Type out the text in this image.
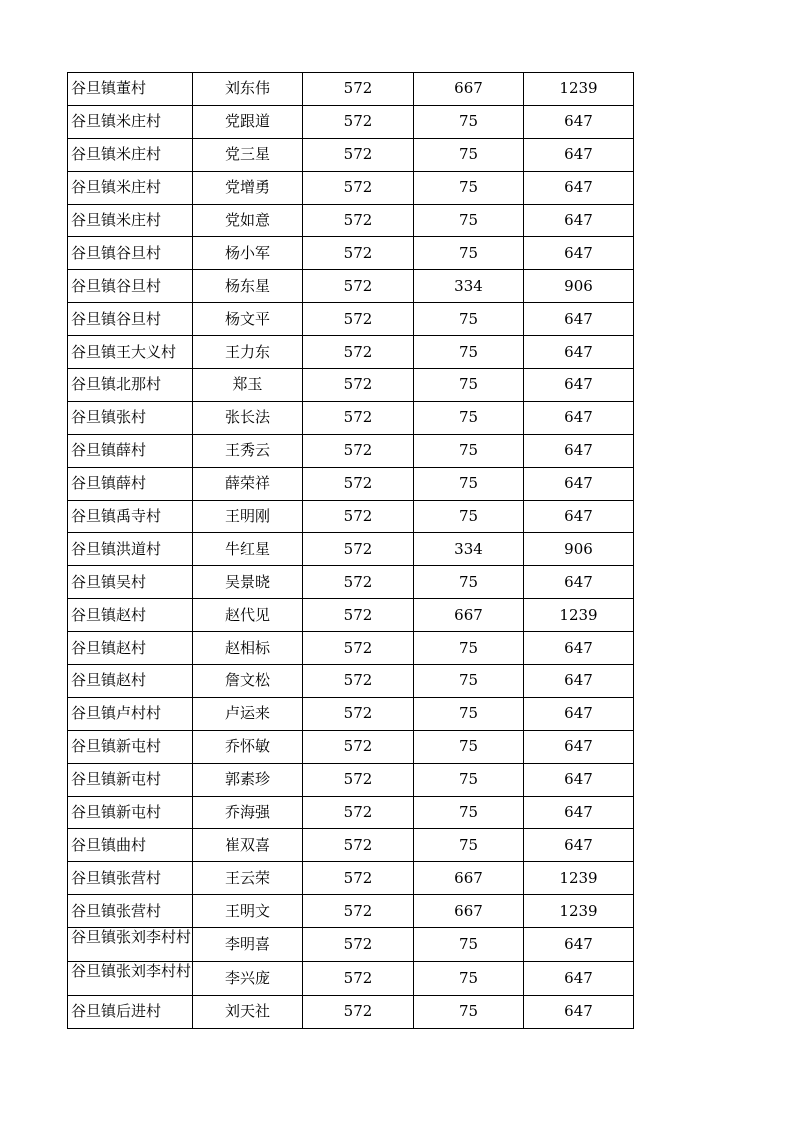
谷旦镇董村	刘东伟	572	667	1239
谷旦镇米庄村	党跟道	572	75	647
谷旦镇米庄村	党三星	572	75	647
谷旦镇米庄村	党增勇	572	75	647
谷旦镇米庄村	党如意	572	75	647
谷旦镇谷旦村	杨小军	572	75	647
谷旦镇谷旦村	杨东星	572	334	906
谷旦镇谷旦村	杨文平	572	75	647
谷旦镇王大义村	王力东	572	75	647
谷旦镇北那村	郑玉	572	75	647
谷旦镇张村	张长法	572	75	647
谷旦镇薛村	王秀云	572	75	647
谷旦镇薛村	薛荣祥	572	75	647
谷旦镇禹寺村	王明刚	572	75	647
谷旦镇洪道村	牛红星	572	334	906
谷旦镇吴村	吴景晓	572	75	647
谷旦镇赵村	赵代见	572	667	1239
谷旦镇赵村	赵相标	572	75	647
谷旦镇赵村	詹文松	572	75	647
谷旦镇卢村村	卢运来	572	75	647
谷旦镇新屯村	乔怀敏	572	75	647
谷旦镇新屯村	郭素珍	572	75	647
谷旦镇新屯村	乔海强	572	75	647
谷旦镇曲村	崔双喜	572	75	647
谷旦镇张营村	王云荣	572	667	1239
谷旦镇张营村	王明文	572	667	1239
谷旦镇张刘李村村	李明喜	572	75	647
谷旦镇张刘李村村	李兴庞	572	75	647
谷旦镇后进村	刘天社	572	75	647
